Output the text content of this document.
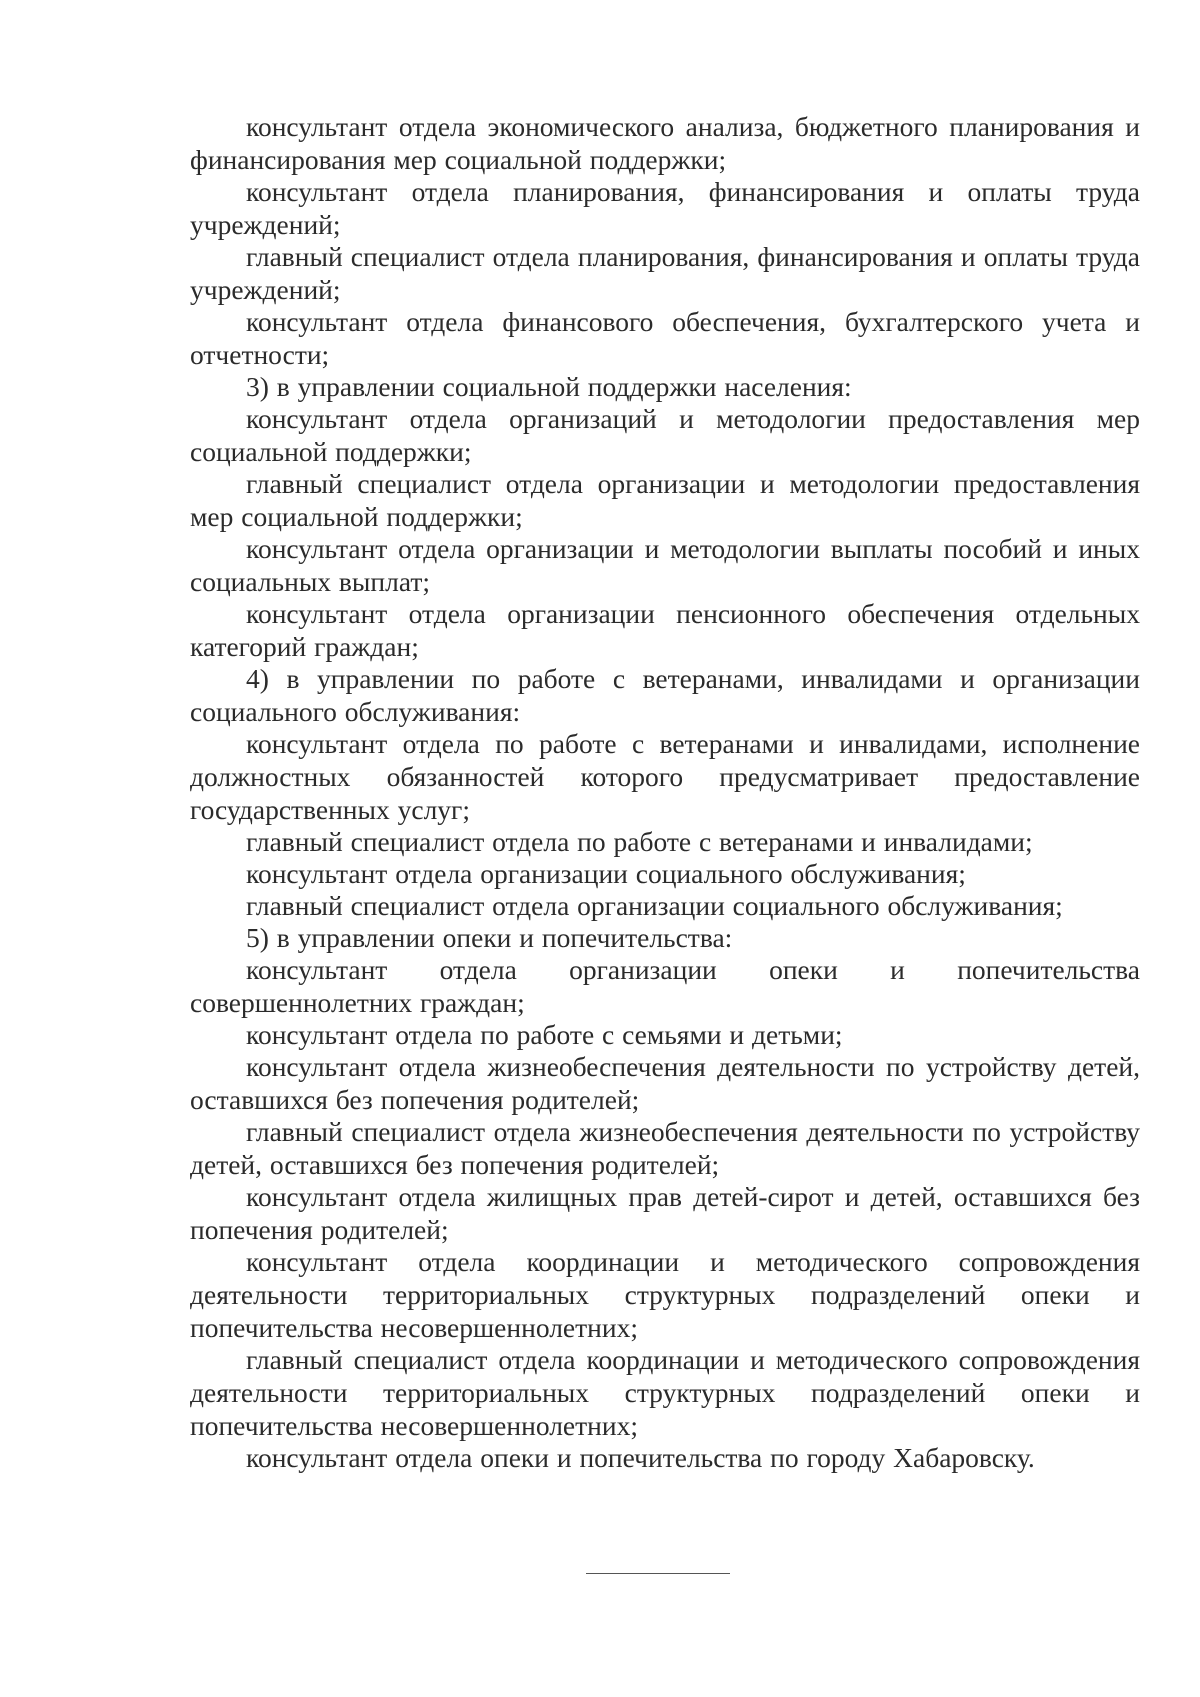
консультант отдела экономического анализа, бюджетного планирования и финансирования мер социальной поддержки;

консультант отдела планирования, финансирования и оплаты труда учреждений;

главный специалист отдела планирования, финансирования и оплаты труда учреждений;

консультант отдела финансового обеспечения, бухгалтерского учета и отчетности;

3) в управлении социальной поддержки населения:

консультант отдела организаций и методологии предоставления мер социальной поддержки;

главный специалист отдела организации и методологии предоставления мер социальной поддержки;

консультант отдела организации и методологии выплаты пособий и иных социальных выплат;

консультант отдела организации пенсионного обеспечения отдельных категорий граждан;

4) в управлении по работе с ветеранами, инвалидами и организации социального обслуживания:

консультант отдела по работе с ветеранами и инвалидами, исполнение должностных обязанностей которого предусматривает предоставление государственных услуг;

главный специалист отдела по работе с ветеранами и инвалидами;

консультант отдела организации социального обслуживания;

главный специалист отдела организации социального обслуживания;

5) в управлении опеки и попечительства:

консультант отдела организации опеки и попечительства совершеннолетних граждан;

консультант отдела по работе с семьями и детьми;

консультант отдела жизнеобеспечения деятельности по устройству детей, оставшихся без попечения родителей;

главный специалист отдела жизнеобеспечения деятельности по устройству детей, оставшихся без попечения родителей;

консультант отдела жилищных прав детей-сирот и детей, оставшихся без попечения родителей;

консультант отдела координации и методического сопровождения деятельности территориальных структурных подразделений опеки и попечительства несовершеннолетних;

главный специалист отдела координации и методического сопровождения деятельности территориальных структурных подразделений опеки и попечительства несовершеннолетних;

консультант отдела опеки и попечительства по городу Хабаровску.
